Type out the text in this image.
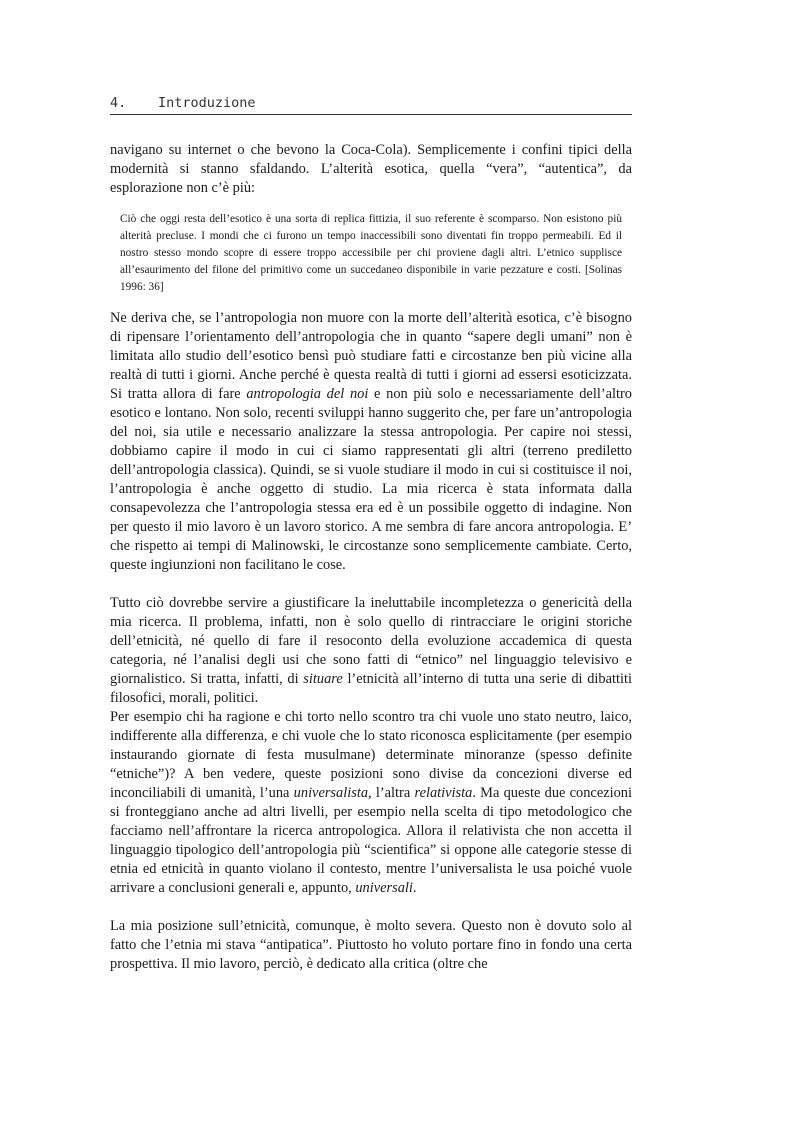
4. Introduzione

navigano su internet o che bevono la Coca-Cola). Semplicemente i confini tipici della modernità si stanno sfaldando. L’alterità esotica, quella “vera”, “autentica”, da esplorazione non c’è più:

Ciò che oggi resta dell’esotico è una sorta di replica fittizia, il suo referente è scomparso. Non esistono più alterità precluse. I mondi che ci furono un tempo inaccessibili sono diventati fin troppo permeabili. Ed il nostro stesso mondo scopre di essere troppo accessibile per chi proviene dagli altri. L’etnico supplisce all’esaurimento del filone del primitivo come un succedaneo disponibile in varie pezzature e costi. [Solinas 1996: 36]

Ne deriva che, se l’antropologia non muore con la morte dell’alterità esotica, c’è bisogno di ripensare l’orientamento dell’antropologia che in quanto “sapere degli umani” non è limitata allo studio dell’esotico bensì può studiare fatti e circostanze ben più vicine alla realtà di tutti i giorni. Anche perché è questa realtà di tutti i giorni ad essersi esoticizzata. Si tratta allora di fare antropologia del noi e non più solo e necessariamente dell’altro esotico e lontano. Non solo, recenti sviluppi hanno suggerito che, per fare un’antropologia del noi, sia utile e necessario analizzare la stessa antropologia. Per capire noi stessi, dobbiamo capire il modo in cui ci siamo rappresentati gli altri (terreno prediletto dell’antropologia classica). Quindi, se si vuole studiare il modo in cui si costituisce il noi, l’antropologia è anche oggetto di studio. La mia ricerca è stata informata dalla consapevolezza che l’antropologia stessa era ed è un possibile oggetto di indagine. Non per questo il mio lavoro è un lavoro storico. A me sembra di fare ancora antropologia. E’ che rispetto ai tempi di Malinowski, le circostanze sono semplicemente cambiate. Certo, queste ingiunzioni non facilitano le cose.

Tutto ciò dovrebbe servire a giustificare la ineluttabile incompletezza o genericità della mia ricerca. Il problema, infatti, non è solo quello di rintracciare le origini storiche dell’etnicità, né quello di fare il resoconto della evoluzione accademica di questa categoria, né l’analisi degli usi che sono fatti di “etnico” nel linguaggio televisivo e giornalistico. Si tratta, infatti, di situare l’etnicità all’interno di tutta una serie di dibattiti filosofici, morali, politici.

Per esempio chi ha ragione e chi torto nello scontro tra chi vuole uno stato neutro, laico, indifferente alla differenza, e chi vuole che lo stato riconosca esplicitamente (per esempio instaurando giornate di festa musulmane) determinate minoranze (spesso definite “etniche”)? A ben vedere, queste posizioni sono divise da concezioni diverse ed inconciliabili di umanità, l’una universalista, l’altra relativista. Ma queste due concezioni si fronteggiano anche ad altri livelli, per esempio nella scelta di tipo metodologico che facciamo nell’affrontare la ricerca antropologica. Allora il relativista che non accetta il linguaggio tipologico dell’antropologia più “scientifica” si oppone alle categorie stesse di etnia ed etnicità in quanto violano il contesto, mentre l’universalista le usa poiché vuole arrivare a conclusioni generali e, appunto, universali.

La mia posizione sull’etnicità, comunque, è molto severa. Questo non è dovuto solo al fatto che l’etnia mi stava “antipatica”. Piuttosto ho voluto portare fino in fondo una certa prospettiva. Il mio lavoro, perciò, è dedicato alla critica (oltre che
